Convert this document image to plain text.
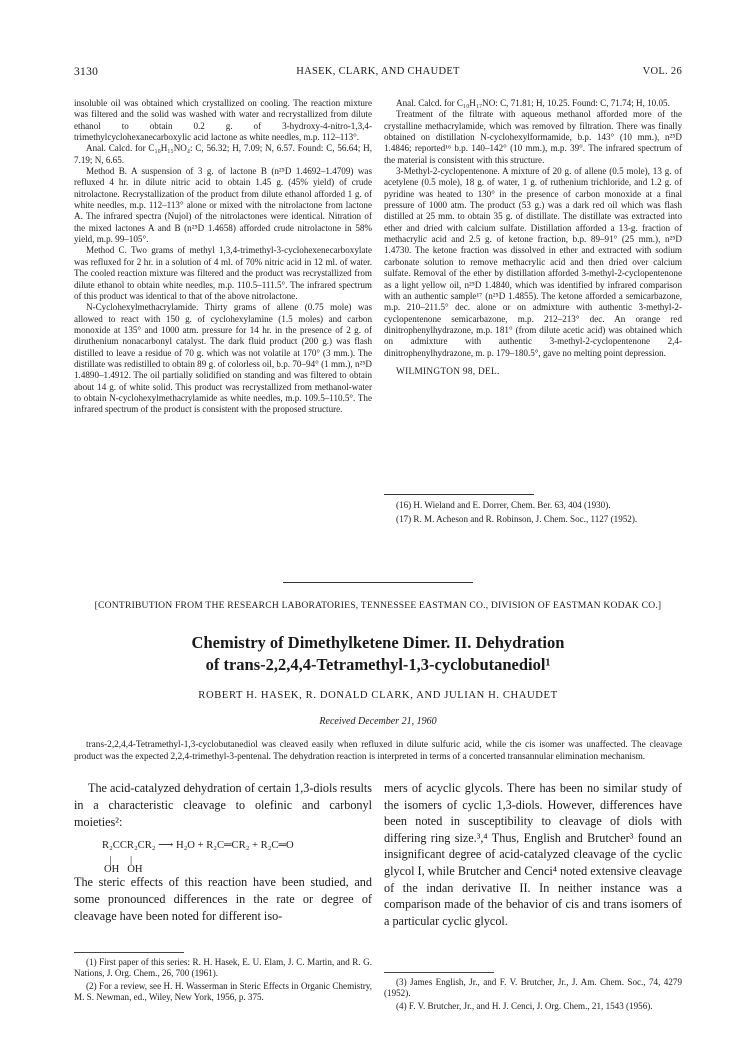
3130	HASEK, CLARK, AND CHAUDET	VOL. 26

insoluble oil was obtained which crystallized on cooling. The reaction mixture was filtered and the solid was washed with water and recrystallized from dilute ethanol to obtain 0.2 g. of 3-hydroxy-4-nitro-1,3,4-trimethylcyclohexanecarboxylic acid lactone as white needles, m.p. 112–113°.

Anal. Calcd. for C₁₀H₁₅NO₄: C, 56.32; H, 7.09; N, 6.57. Found: C, 56.64; H, 7.19; N, 6.65.

Method B. A suspension of 3 g. of lactone B (n²⁵D 1.4692–1.4709) was refluxed 4 hr. in dilute nitric acid to obtain 1.45 g. (45% yield) of crude nitrolactone. Recrystallization of the product from dilute ethanol afforded 1 g. of white needles, m.p. 112–113° alone or mixed with the nitrolactone from lactone A. The infrared spectra (Nujol) of the nitrolactones were identical. Nitration of the mixed lactones A and B (n²⁵D 1.4658) afforded crude nitrolactone in 58% yield, m.p. 99–105°.

Method C. Two grams of methyl 1,3,4-trimethyl-3-cyclohexenecarboxylate was refluxed for 2 hr. in a solution of 4 ml. of 70% nitric acid in 12 ml. of water. The cooled reaction mixture was filtered and the product was recrystallized from dilute ethanol to obtain white needles, m.p. 110.5–111.5°. The infrared spectrum of this product was identical to that of the above nitrolactone.

N-Cyclohexylmethacrylamide. Thirty grams of allene (0.75 mole) was allowed to react with 150 g. of cyclohexylamine (1.5 moles) and carbon monoxide at 135° and 1000 atm. pressure for 14 hr. in the presence of 2 g. of diruthenium nonacarbonyl catalyst. The dark fluid product (200 g.) was flash distilled to leave a residue of 70 g. which was not volatile at 170° (3 mm.). The distillate was redistilled to obtain 89 g. of colorless oil, b.p. 70–94° (1 mm.), n²⁵D 1.4890–1.4912. The oil partially solidified on standing and was filtered to obtain about 14 g. of white solid. This product was recrystallized from methanol-water to obtain N-cyclohexylmethacrylamide as white needles, m.p. 109.5–110.5°. The infrared spectrum of the product is consistent with the proposed structure.

Anal. Calcd. for C₁₀H₁₇NO: C, 71.81; H, 10.25. Found: C, 71.74; H, 10.05.

Treatment of the filtrate with aqueous methanol afforded more of the crystalline methacrylamide, which was removed by filtration. There was finally obtained on distillation N-cyclohexylformamide, b.p. 143° (10 mm.), n²⁵D 1.4846; reported¹⁶ b.p. 140–142° (10 mm.), m.p. 39°. The infrared spectrum of the material is consistent with this structure.

3-Methyl-2-cyclopentenone. A mixture of 20 g. of allene (0.5 mole), 13 g. of acetylene (0.5 mole), 18 g. of water, 1 g. of ruthenium trichloride, and 1.2 g. of pyridine was heated to 130° in the presence of carbon monoxide at a final pressure of 1000 atm. The product (53 g.) was a dark red oil which was flash distilled at 25 mm. to obtain 35 g. of distillate. The distillate was extracted into ether and dried with calcium sulfate. Distillation afforded a 13-g. fraction of methacrylic acid and 2.5 g. of ketone fraction, b.p. 89–91° (25 mm.), n²⁵D 1.4730. The ketone fraction was dissolved in ether and extracted with sodium carbonate solution to remove methacrylic acid and then dried over calcium sulfate. Removal of the ether by distillation afforded 3-methyl-2-cyclopentenone as a light yellow oil, n²⁵D 1.4840, which was identified by infrared comparison with an authentic sample¹⁷ (n²⁵D 1.4855). The ketone afforded a semicarbazone, m.p. 210–211.5° dec. alone or on admixture with authentic 3-methyl-2-cyclopentenone semicarbazone, m.p. 212–213° dec. An orange red dinitrophenylhydrazone, m.p. 181° (from dilute acetic acid) was obtained which on admixture with authentic 3-methyl-2-cyclopentenone 2,4-dinitrophenylhydrazone, m. p. 179–180.5°, gave no melting point depression.

WILMINGTON 98, DEL.

(16) H. Wieland and E. Dorrer, Chem. Ber. 63, 404 (1930).

(17) R. M. Acheson and R. Robinson, J. Chem. Soc., 1127 (1952).

[CONTRIBUTION FROM THE RESEARCH LABORATORIES, TENNESSEE EASTMAN CO., DIVISION OF EASTMAN KODAK CO.]
Chemistry of Dimethylketene Dimer. II. Dehydration
of trans-2,2,4,4-Tetramethyl-1,3-cyclobutanediol¹
ROBERT H. HASEK, R. DONALD CLARK, AND JULIAN H. CHAUDET
Received December 21, 1960

trans-2,2,4,4-Tetramethyl-1,3-cyclobutanediol was cleaved easily when refluxed in dilute sulfuric acid, while the cis isomer was unaffected. The cleavage product was the expected 2,2,4-trimethyl-3-pentenal. The dehydration reaction is interpreted in terms of a concerted transannular elimination mechanism.

The acid-catalyzed dehydration of certain 1,3-diols results in a characteristic cleavage to olefinic and carbonyl moieties²:

R₂CCR₂CR₂ ⟶ H₂O + R₂C═CR₂ + R₂C═O
|       |
OH   OH

The steric effects of this reaction have been studied, and some pronounced differences in the rate or degree of cleavage have been noted for different iso-

mers of acyclic glycols. There has been no similar study of the isomers of cyclic 1,3-diols. However, differences have been noted in susceptibility to cleavage of diols with differing ring size.³,⁴ Thus, English and Brutcher³ found an insignificant degree of acid-catalyzed cleavage of the cyclic glycol I, while Brutcher and Cenci⁴ noted extensive cleavage of the indan derivative II. In neither instance was a comparison made of the behavior of cis and trans isomers of a particular cyclic glycol.

(1) First paper of this series: R. H. Hasek, E. U. Elam, J. C. Martin, and R. G. Nations, J. Org. Chem., 26, 700 (1961).

(2) For a review, see H. H. Wasserman in Steric Effects in Organic Chemistry, M. S. Newman, ed., Wiley, New York, 1956, p. 375.

(3) James English, Jr., and F. V. Brutcher, Jr., J. Am. Chem. Soc., 74, 4279 (1952).

(4) F. V. Brutcher, Jr., and H. J. Cenci, J. Org. Chem., 21, 1543 (1956).
